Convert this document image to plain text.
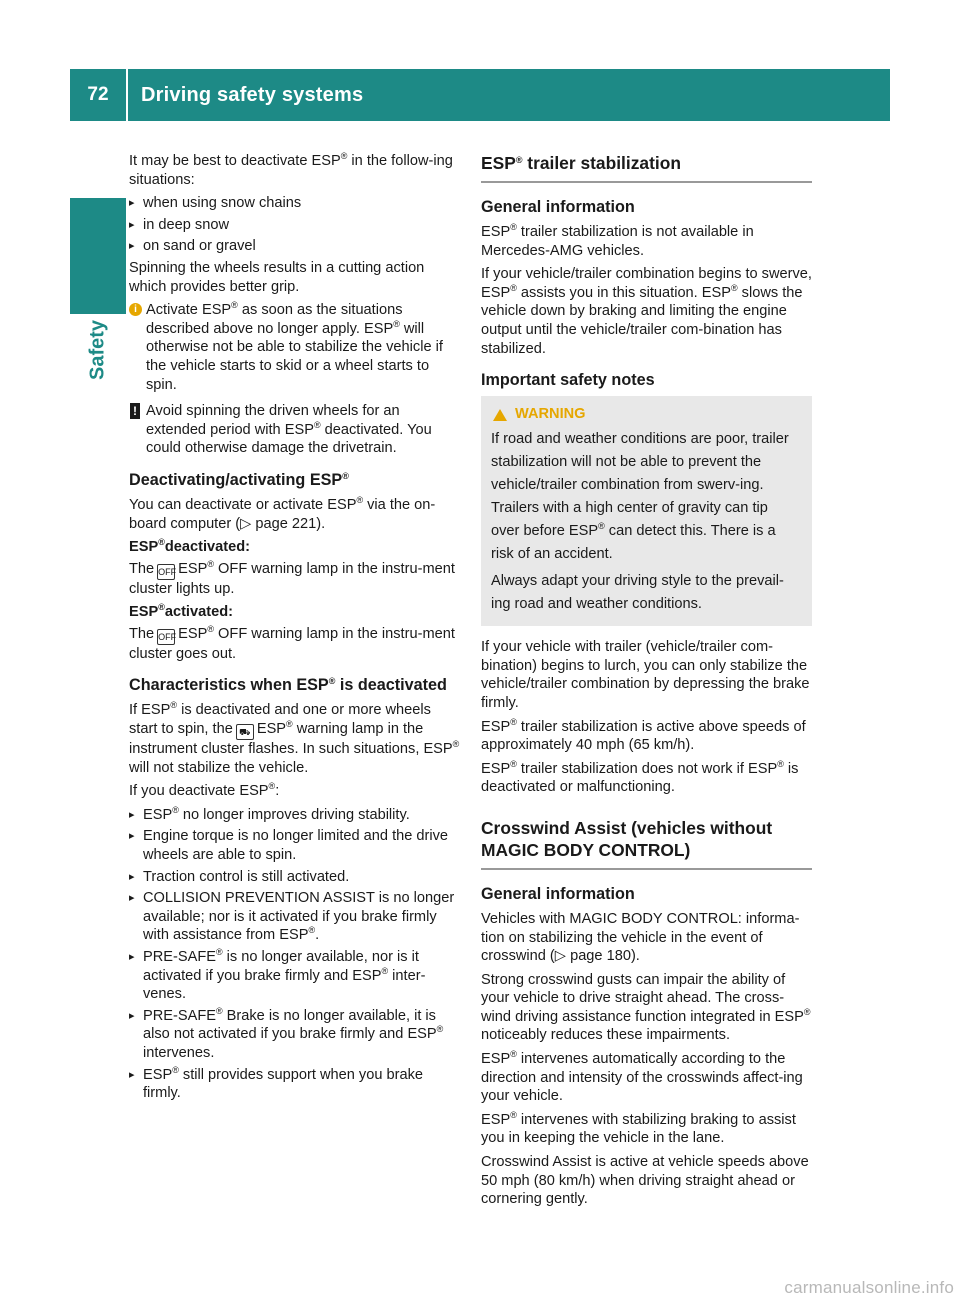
72	Driving safety systems
Safety

It may be best to deactivate ESP® in the follow-ing situations:

▸ when using snow chains
▸ in deep snow
▸ on sand or gravel

Spinning the wheels results in a cutting action which provides better grip.

i Activate ESP® as soon as the situations described above no longer apply. ESP® will otherwise not be able to stabilize the vehicle if the vehicle starts to skid or a wheel starts to spin.
! Avoid spinning the driven wheels for an extended period with ESP® deactivated. You could otherwise damage the drivetrain.
Deactivating/activating ESP®

You can deactivate or activate ESP® via the on-board computer (▷ page 221).

ESP®deactivated:

The OFF ESP® OFF warning lamp in the instru-ment cluster lights up.

ESP®activated:

The OFF ESP® OFF warning lamp in the instru-ment cluster goes out.

Characteristics when ESP® is deactivated

If ESP® is deactivated and one or more wheels start to spin, the ⛟ ESP® warning lamp in the instrument cluster flashes. In such situations, ESP® will not stabilize the vehicle.

If you deactivate ESP®:

▸ ESP® no longer improves driving stability.
▸ Engine torque is no longer limited and the drive wheels are able to spin.
▸ Traction control is still activated.
▸ COLLISION PREVENTION ASSIST is no longer available; nor is it activated if you brake firmly with assistance from ESP®.
▸ PRE-SAFE® is no longer available, nor is it activated if you brake firmly and ESP® inter-venes.
▸ PRE-SAFE® Brake is no longer available, it is also not activated if you brake firmly and ESP® intervenes.
▸ ESP® still provides support when you brake firmly.
ESP® trailer stabilization
General information

ESP® trailer stabilization is not available in Mercedes-AMG vehicles.

If your vehicle/trailer combination begins to swerve, ESP® assists you in this situation. ESP® slows the vehicle down by braking and limiting the engine output until the vehicle/trailer com-bination has stabilized.

Important safety notes
WARNING
If road and weather conditions are poor, trailer stabilization will not be able to prevent the vehicle/trailer combination from swerv-ing. Trailers with a high center of gravity can tip over before ESP® can detect this. There is a risk of an accident.
Always adapt your driving style to the prevail-ing road and weather conditions.

If your vehicle with trailer (vehicle/trailer com-bination) begins to lurch, you can only stabilize the vehicle/trailer combination by depressing the brake firmly.

ESP® trailer stabilization is active above speeds of approximately 40 mph (65 km/h).

ESP® trailer stabilization does not work if ESP® is deactivated or malfunctioning.

Crosswind Assist (vehicles without MAGIC BODY CONTROL)
General information

Vehicles with MAGIC BODY CONTROL: informa-tion on stabilizing the vehicle in the event of crosswind (▷ page 180).

Strong crosswind gusts can impair the ability of your vehicle to drive straight ahead. The cross-wind driving assistance function integrated in ESP® noticeably reduces these impairments.

ESP® intervenes automatically according to the direction and intensity of the crosswinds affect-ing your vehicle.

ESP® intervenes with stabilizing braking to assist you in keeping the vehicle in the lane.

Crosswind Assist is active at vehicle speeds above 50 mph (80 km/h) when driving straight ahead or cornering gently.

carmanualsonline.info
